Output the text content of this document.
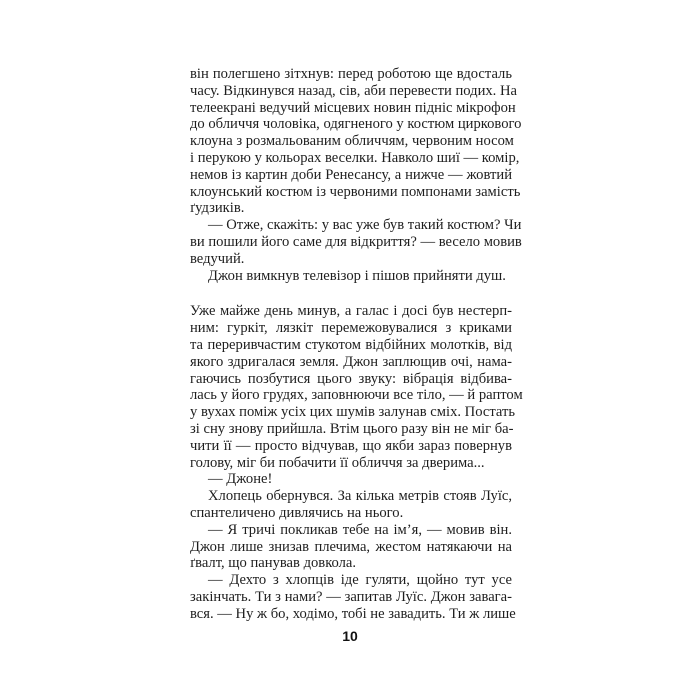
він полегшено зітхнув: перед роботою ще вдосталь
часу. Відкинувся назад, сів, аби перевести подих. На
телеекрані ведучий місцевих новин підніс мікрофон
до обличчя чоловіка, одягненого у костюм циркового
клоуна з розмальованим обличчям, червоним носом
і перукою у кольорах веселки. Навколо шиї — комір,
немов із картин доби Ренесансу, а нижче — жовтий
клоунський костюм із червоними помпонами замість
ґудзиків.
— Отже, скажіть: у вас уже був такий костюм? Чи
ви пошили його саме для відкриття? — весело мовив
ведучий.
Джон вимкнув телевізор і пішов прийняти душ.
Уже майже день минув, а галас і досі був нестерп-
ним: гуркіт, лязкіт перемежовувалися з криками
та переривчастим стукотом відбійних молотків, від
якого здригалася земля. Джон заплющив очі, нама-
гаючись позбутися цього звуку: вібрація відбива-
лась у його грудях, заповнюючи все тіло, — й раптом
у вухах поміж усіх цих шумів залунав сміх. Постать
зі сну знову прийшла. Втім цього разу він не міг ба-
чити її — просто відчував, що якби зараз повернув
голову, міг би побачити її обличчя за дверима...
— Джоне!
Хлопець обернувся. За кілька метрів стояв Луїс,
спантеличено дивлячись на нього.
— Я тричі покликав тебе на ім’я, — мовив він.
Джон лише знизав плечима, жестом натякаючи на
ґвалт, що панував довкола.
— Дехто з хлопців іде гуляти, щойно тут усе
закінчать. Ти з нами? — запитав Луїс. Джон завага-
вся. — Ну ж бо, ходімо, тобі не завадить. Ти ж лише
10
